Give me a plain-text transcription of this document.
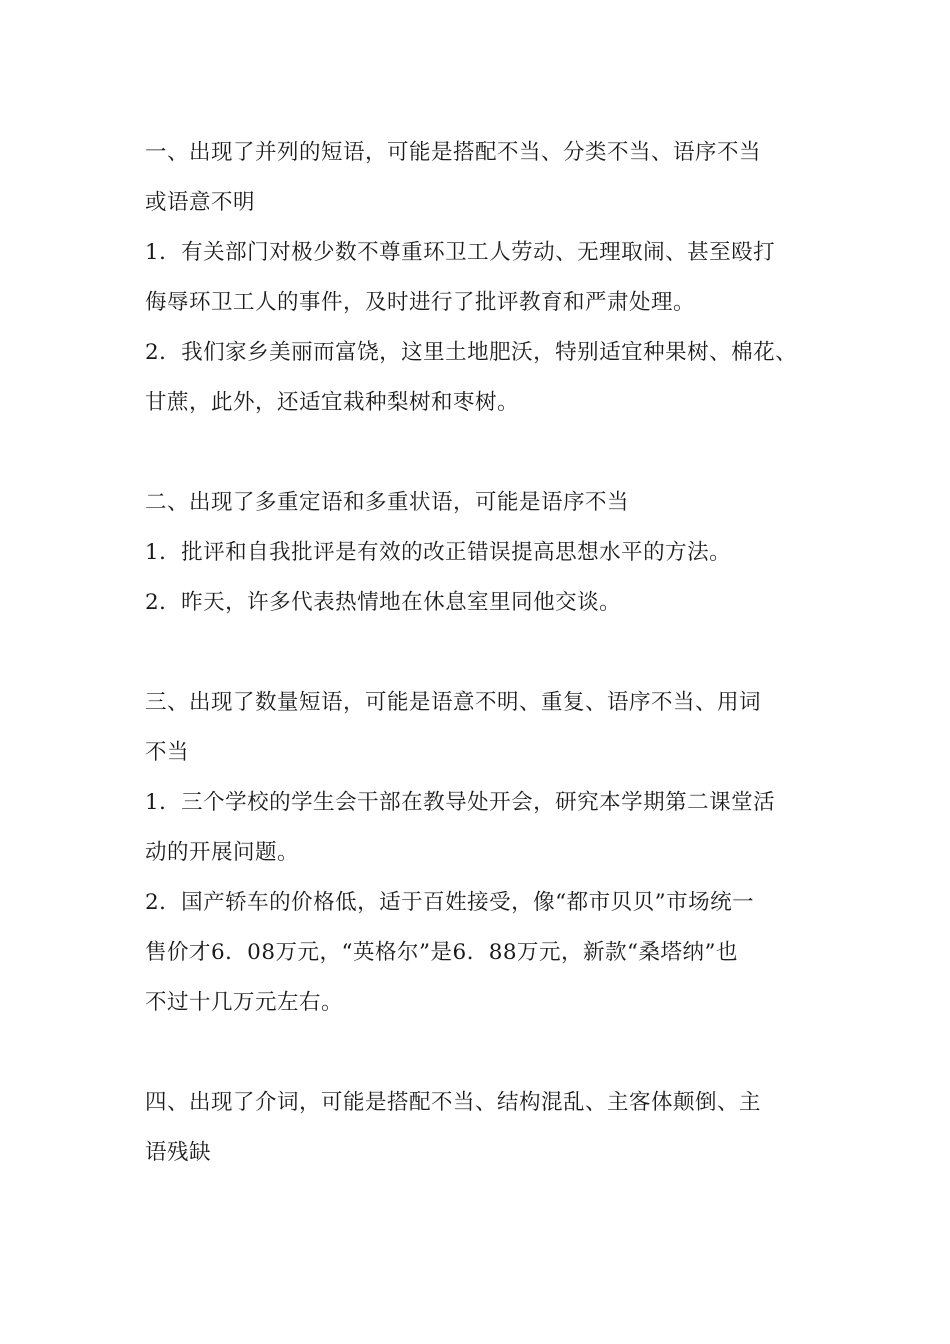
一、出现了并列的短语，可能是搭配不当、分类不当、语序不当
或语意不明
1．有关部门对极少数不尊重环卫工人劳动、无理取闹、甚至殴打
侮辱环卫工人的事件，及时进行了批评教育和严肃处理。
2．我们家乡美丽而富饶，这里土地肥沃，特别适宜种果树、棉花、
甘蔗，此外，还适宜栽种梨树和枣树。
二、出现了多重定语和多重状语，可能是语序不当
1．批评和自我批评是有效的改正错误提高思想水平的方法。
2．昨天，许多代表热情地在休息室里同他交谈。
三、出现了数量短语，可能是语意不明、重复、语序不当、用词
不当
1．三个学校的学生会干部在教导处开会，研究本学期第二课堂活
动的开展问题。
2．国产轿车的价格低，适于百姓接受，像“都市贝贝”市场统一
售价才6．08万元，“英格尔”是6．88万元，新款“桑塔纳”也
不过十几万元左右。
四、出现了介词，可能是搭配不当、结构混乱、主客体颠倒、主
语残缺
